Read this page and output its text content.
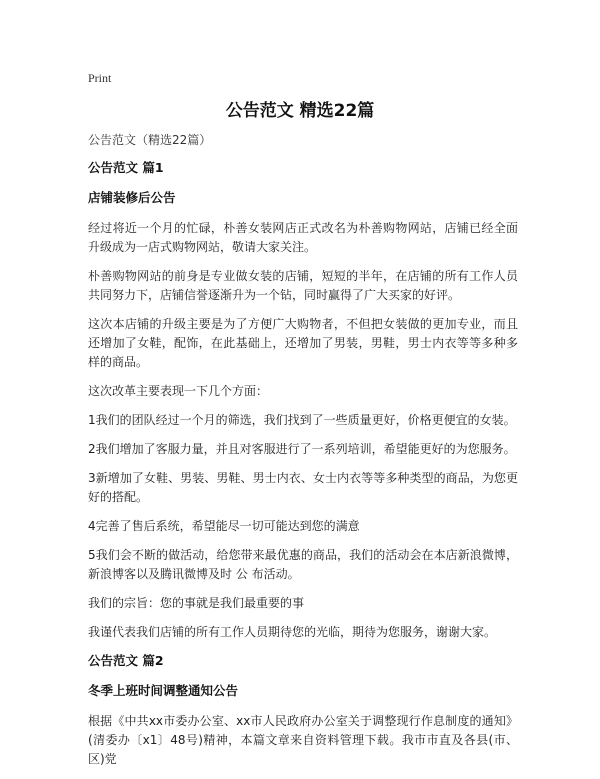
Print
公告范文 精选22篇

公告范文（精选22篇）

公告范文 篇1

店铺装修后公告

经过将近一个月的忙碌，朴善女装网店正式改名为朴善购物网站，店铺已经全面升级成为一店式购物网站，敬请大家关注。

朴善购物网站的前身是专业做女装的店铺，短短的半年，在店铺的所有工作人员共同努力下，店铺信誉逐渐升为一个钻，同时赢得了广大买家的好评。

这次本店铺的升级主要是为了方便广大购物者，不但把女装做的更加专业，而且还增加了女鞋，配饰，在此基础上，还增加了男装，男鞋，男士内衣等等多种多样的商品。

这次改革主要表现一下几个方面：

1我们的团队经过一个月的筛选，我们找到了一些质量更好，价格更便宜的女装。

2我们增加了客服力量，并且对客服进行了一系列培训，希望能更好的为您服务。

3新增加了女鞋、男装、男鞋、男士内衣、女士内衣等等多种类型的商品，为您更好的搭配。

4完善了售后系统，希望能尽一切可能达到您的满意

5我们会不断的做活动，给您带来最优惠的商品，我们的活动会在本店新浪微博，新浪博客以及腾讯微博及时 公 布活动。

我们的宗旨：您的事就是我们最重要的事

我谨代表我们店铺的所有工作人员期待您的光临，期待为您服务，谢谢大家。

公告范文 篇2

冬季上班时间调整通知公告

根据《中共xx市委办公室、xx市人民政府办公室关于调整现行作息制度的通知》(清委办〔x1〕48号)精神，本篇文章来自资料管理下载。我市市直及各县(市、区)党
